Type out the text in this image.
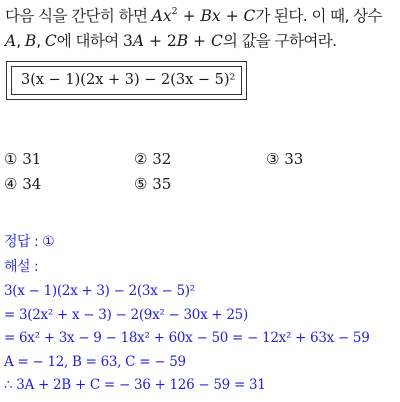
다음 식을 간단히 하면 $Ax^2 + Bx + C$가 된다. 이 때, 상수
A, B, C에 대하여 3A + 2B + C의 값을 구하여라.
3(x − 1)(2x + 3) − 2(3x − 5)²
① 31	② 32	③ 33
④ 34	⑤ 35
정답 : ①
해설 :
3(x − 1)(2x + 3) − 2(3x − 5)²
= 3(2x² + x − 3) − 2(9x² − 30x + 25)
= 6x² + 3x − 9 − 18x² + 60x − 50 = − 12x² + 63x − 59
A = − 12, B = 63, C = − 59
∴ 3A + 2B + C = − 36 + 126 − 59 = 31
